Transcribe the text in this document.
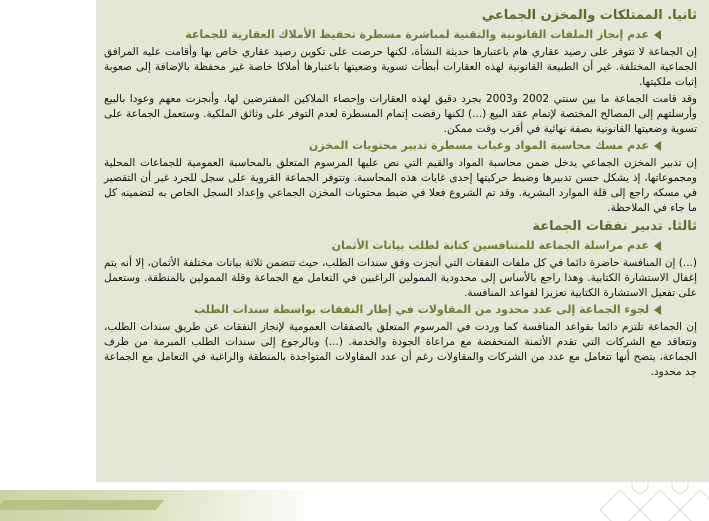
ثانيا. الممتلكات والمخزن الجماعي
عدم إنجاز الملفات القانونية والتقنية لمباشرة مسطرة تحفيظ الأملاك العقارية للجماعة

إن الجماعة لا تتوفر على رصيد عقاري هام باعتبارها حديثة النشأة، لكنها حرصت على تكوين رصيد عقاري خاص بها وأقامت عليه المرافق الجماعية المختلفة. غير أن الطبيعة القانونية لهذه العقارات أبطأت تسوية وضعيتها باعتبارها أملاكا خاصة غير محفظة بالإضافة إلى صعوبة إثبات ملكيتها.

وقد قامت الجماعة ما بين سنتي 2002 و2003 بجرد دقيق لهذه العقارات وإحصاء الملاكين المفترضين لها، وأنجزت معهم وعودا بالبيع وأرسلتهم إلى المصالح المختصة لإتمام عقد البيع (...) لكنها رفضت إتمام المسطرة لعدم التوفر على وثائق الملكية. وستعمل الجماعة على تسوية وضعيتها القانونية بصفة نهائية في أقرب وقت ممكن.

عدم مسك محاسبة المواد وغياب مسطرة تدبير محتويات المخزن

إن تدبير المخزن الجماعي يدخل ضمن محاسبة المواد والقيم التي نص عليها المرسوم المتعلق بالمحاسبة العمومية للجماعات المحلية ومجموعاتها، إذ يشكل حسن تدبيرها وضبط حركيتها إحدى غايات هذه المحاسبة. وتتوفر الجماعة القروية على سجل للجرد غير أن التقصير في مسكه راجع إلى قلة الموارد البشرية. وقد تم الشروع فعلا في ضبط محتويات المخزن الجماعي وإعداد السجل الخاص به لتضمينه كل ما جاء في الملاحظة.

ثالثا. تدبير نفقات الجماعة
عدم مراسلة الجماعة للمتنافسين كتابة لطلب بيانات الأثمان

(...) إن المنافسة حاضرة دائما في كل ملفات النفقات التي أنجزت وفق سندات الطلب، حيث تتضمن ثلاثة بيانات مختلفة الأثمان، إلا أنه يتم إغفال الاستشارة الكتابية. وهذا راجع بالأساس إلى محدودية الممولين الراغبين في التعامل مع الجماعة وقلة الممولين بالمنطقة. وستعمل على تفعيل الاستشارة الكتابية تعزيزا لقواعد المنافسة.

لجوء الجماعة إلى عدد محدود من المقاولات في إطار النفقات بواسطة سندات الطلب

إن الجماعة تلتزم دائما بقواعد المنافسة كما وردت في المرسوم المتعلق بالصفقات العمومية لإنجاز النفقات عن طريق سندات الطلب، وتتعاقد مع الشركات التي تقدم الأثمنة المنخفضة مع مراعاة الجودة والخدمة. (...) وبالرجوع إلى سندات الطلب المبرمة من طرف الجماعة، يتضح أنها تتعامل مع عدد من الشركات والمقاولات رغم أن عدد المقاولات المتواجدة بالمنطقة والراغبة في التعامل مع الجماعة جد محدود.
